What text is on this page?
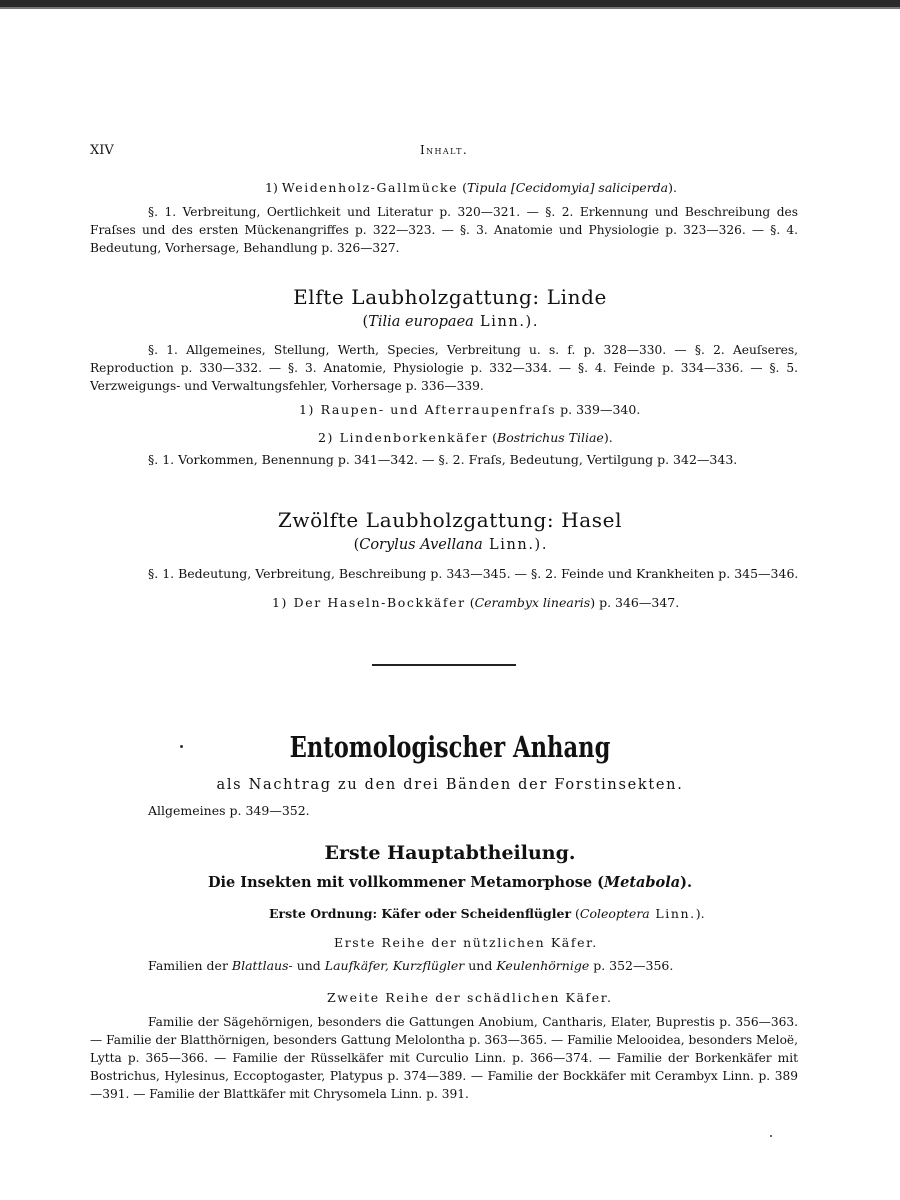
XIV	Inhalt.
1) Weidenholz-Gallmücke (Tipula [Cecidomyia] saliciperda).

§. 1. Verbreitung, Oertlichkeit und Literatur p. 320—321. — §. 2. Erkennung und Beschreibung des Fraſses und des ersten Mückenangriffes p. 322—323. — §. 3. Anatomie und Physiologie p. 323—326. — §. 4. Bedeutung, Vorhersage, Behandlung p. 326—327.

Elfte Laubholzgattung: Linde
(Tilia europaea Linn.).

§. 1. Allgemeines, Stellung, Werth, Species, Verbreitung u. s. f. p. 328—330. — §. 2. Aeuſseres, Reproduction p. 330—332. — §. 3. Anatomie, Physiologie p. 332—334. — §. 4. Feinde p. 334—336. — §. 5. Verzweigungs- und Verwaltungsfehler, Vorhersage p. 336—339.

1) Raupen- und Afterraupenfraſs p. 339—340.
2) Lindenborkenkäfer (Bostrichus Tiliae).
§. 1. Vorkommen, Benennung p. 341—342. — §. 2. Fraſs, Bedeutung, Vertilgung p. 342—343.
Zwölfte Laubholzgattung: Hasel
(Corylus Avellana Linn.).
§. 1. Bedeutung, Verbreitung, Beschreibung p. 343—345. — §. 2. Feinde und Krankheiten p. 345—346.
1) Der Haseln-Bockkäfer (Cerambyx linearis) p. 346—347.
Entomologischer Anhang
als Nachtrag zu den drei Bänden der Forstinsekten.
Allgemeines p. 349—352.
Erste Hauptabtheilung.
Die Insekten mit vollkommener Metamorphose (Metabola).
Erste Ordnung: Käfer oder Scheidenflügler (Coleoptera Linn.).
Erste Reihe der nützlichen Käfer.
Familien der Blattlaus- und Laufkäfer, Kurzflügler und Keulenhörnige p. 352—356.
Zweite Reihe der schädlichen Käfer.

Familie der Sägehörnigen, besonders die Gattungen Anobium, Cantharis, Elater, Buprestis p. 356—363. — Familie der Blatthörnigen, besonders Gattung Melolontha p. 363—365. — Familie Melooidea, besonders Meloë, Lytta p. 365—366. — Familie der Rüsselkäfer mit Curculio Linn. p. 366—374. — Familie der Borkenkäfer mit Bostrichus, Hylesinus, Eccoptogaster, Platypus p. 374—389. — Familie der Bockkäfer mit Cerambyx Linn. p. 389—391. — Familie der Blattkäfer mit Chrysomela Linn. p. 391.
